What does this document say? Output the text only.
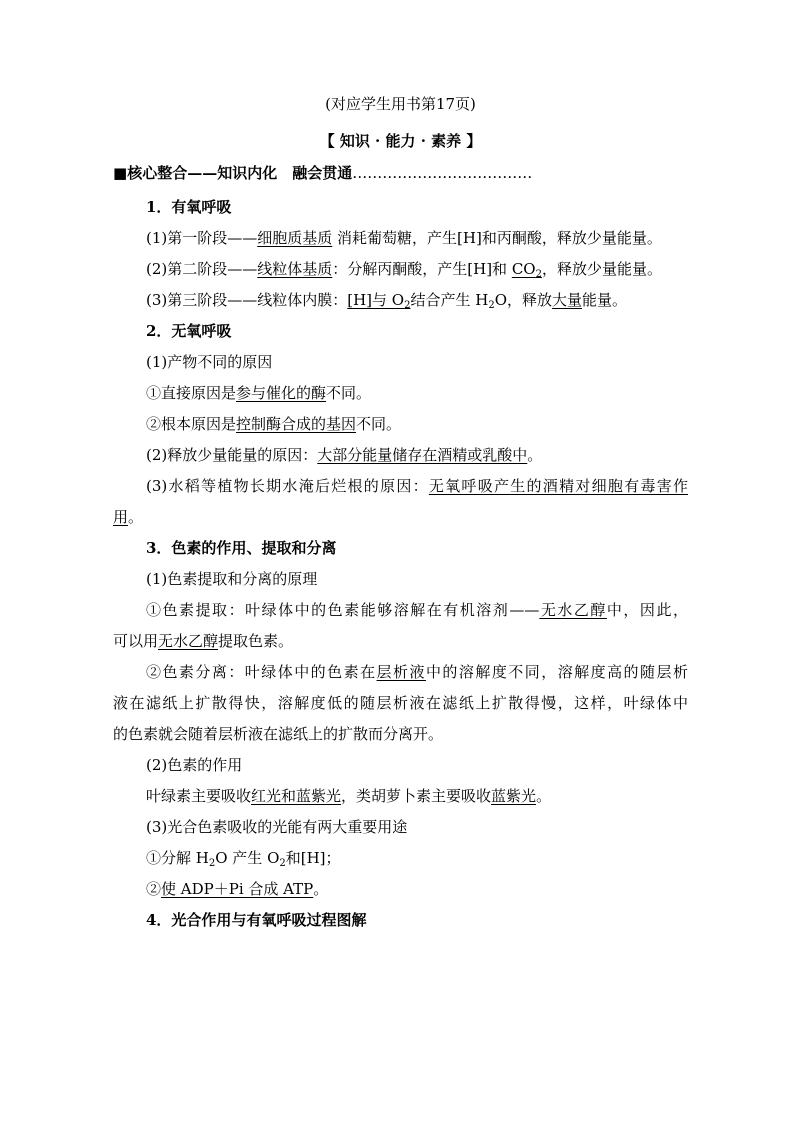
(对应学生用书第17页)
【 知识 · 能力 · 素养 】
■核心整合——知识内化　融会贯通………………………………
1．有氧呼吸
(1)第一阶段——细胞质基质 消耗葡萄糖，产生[H]和丙酮酸，释放少量能量。
(2)第二阶段——线粒体基质：分解丙酮酸，产生[H]和 $CO_2$，释放少量能量。
(3)第三阶段——线粒体内膜：[H]与 $O_2$结合产生 $H_2O$，释放大量能量。
2．无氧呼吸
(1)产物不同的原因
①直接原因是参与催化的酶不同。
②根本原因是控制酶合成的基因不同。
(2)释放少量能量的原因：大部分能量储存在酒精或乳酸中。
(3)水稻等植物长期水淹后烂根的原因：无氧呼吸产生的酒精对细胞有毒害作
用。
3．色素的作用、提取和分离
(1)色素提取和分离的原理
①色素提取：叶绿体中的色素能够溶解在有机溶剂——无水乙醇中，因此，
可以用无水乙醇提取色素。
②色素分离：叶绿体中的色素在层析液中的溶解度不同，溶解度高的随层析
液在滤纸上扩散得快，溶解度低的随层析液在滤纸上扩散得慢，这样，叶绿体中
的色素就会随着层析液在滤纸上的扩散而分离开。
(2)色素的作用
叶绿素主要吸收红光和蓝紫光，类胡萝卜素主要吸收蓝紫光。
(3)光合色素吸收的光能有两大重要用途
①分解 $H_2O$ 产生 $O_2$和[H]；
②使 ADP＋Pi 合成 ATP。
4．光合作用与有氧呼吸过程图解
